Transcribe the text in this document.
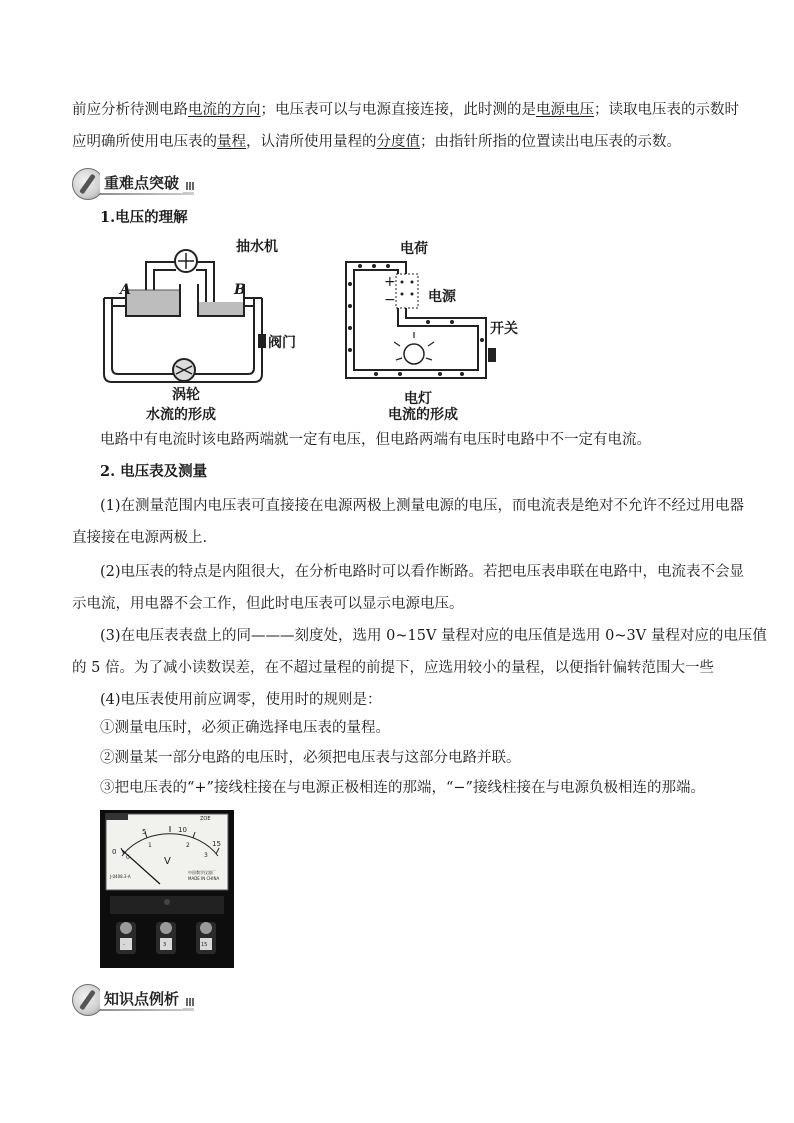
前应分析待测电路电流的方向；电压表可以与电源直接连接，此时测的是电源电压；读取电压表的示数时
应明确所使用电压表的量程，认清所使用量程的分度值；由指针所指的位置读出电压表的示数。
重难点突破
1.电压的理解
抽水机
A	B
阀门
涡轮
水流的形成
电荷
+
− 电源
开关
电灯
电流的形成
电路中有电流时该电路两端就一定有电压，但电路两端有电压时电路中不一定有电流。
2. 电压表及测量
(1)在测量范围内电压表可直接接在电源两极上测量电源的电压，而电流表是绝对不允许不经过用电器
直接接在电源两极上.
(2)电压表的特点是内阻很大，在分析电路时可以看作断路。若把电压表串联在电路中，电流表不会显
示电流，用电器不会工作，但此时电压表可以显示电源电压。
(3)在电压表表盘上的同———刻度处，选用 0~15V 量程对应的电压值是选用 0~3V 量程对应的电压值
的 5 倍。为了减小读数误差，在不超过量程的前提下，应选用较小的量程，以便指针偏转范围大一些
(4)电压表使用前应调零，使用时的规则是：
①测量电压时，必须正确选择电压表的量程。
②测量某一部分电路的电压时，必须把电压表与这部分电路并联。
③把电压表的“+”接线柱接在与电源正极相连的那端，“−”接线柱接在与电源负极相连的那端。
0
5	10
15
0
1	2
3
V
ZOE
J-0408.3-A
中国教学仪器厂
MADE IN CHINA
-	3	15
知识点例析
